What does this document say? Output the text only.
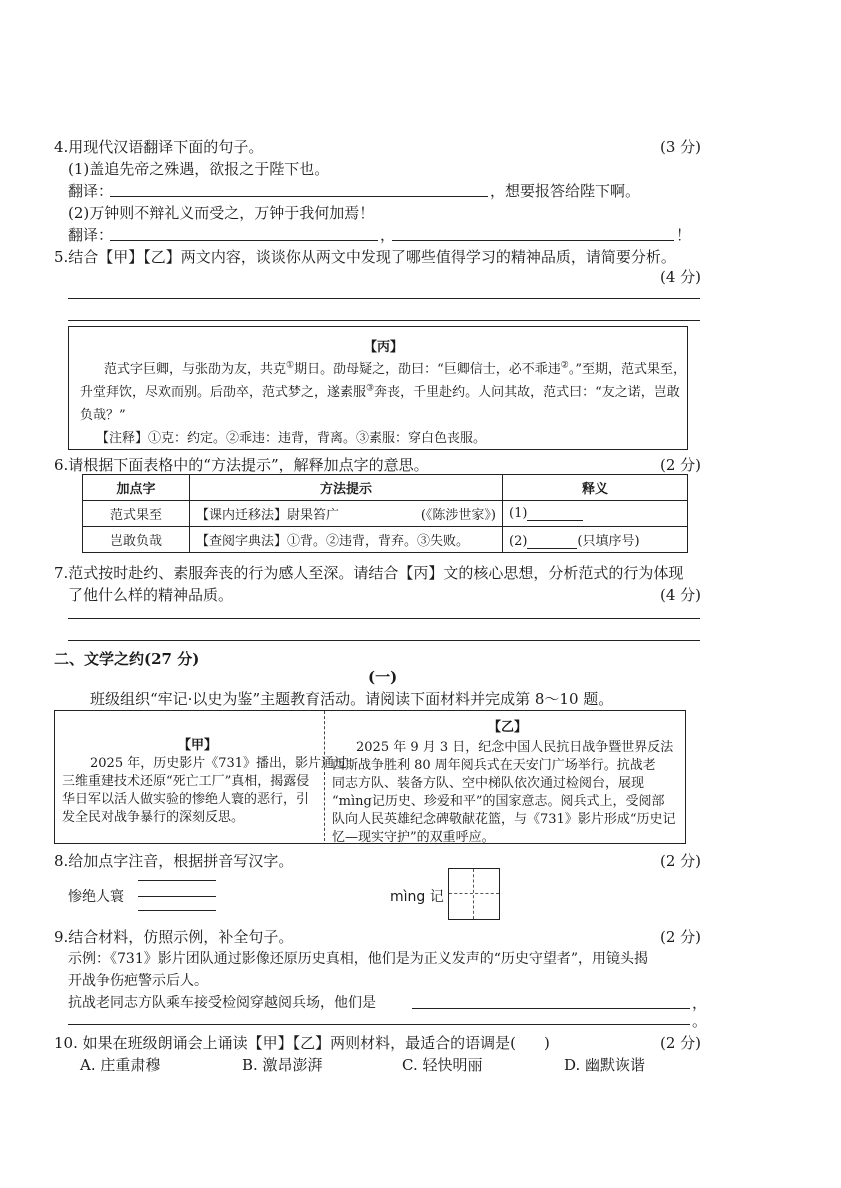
4.用现代汉语翻译下面的句子。	(3 分)
(1)盖追先帝之殊遇，欲报之于陛下也。
翻译：	，想要报答给陛下啊。
(2)万钟则不辩礼义而受之，万钟于我何加焉！
翻译：	，	！
5.结合【甲】【乙】两文内容，谈谈你从两文中发现了哪些值得学习的精神品质，请简要分析。
(4 分)
【丙】
范式字巨卿，与张劭为友，共克①期日。劭母疑之，劭曰：“巨卿信士，必不乖违②。”至期，范式果至，
升堂拜饮，尽欢而别。后劭卒，范式梦之，遂素服③奔丧，千里赴约。人问其故，范式曰：“友之诺，岂敢
负哉？”
【注释】①克：约定。②乖违：违背，背离。③素服：穿白色丧服。
6.请根据下面表格中的“方法提示”，解释加点字的意思。	(2 分)
加点字	方法提示	释义
范式果至	【课内迁移法】尉果笞广 (《陈涉世家》)	(1)
岂敢负哉	【查阅字典法】①背。②违背，背弃。③失败。	(2) (只填序号)
7.范式按时赴约、素服奔丧的行为感人至深。请结合【丙】文的核心思想，分析范式的行为体现
了他什么样的精神品质。	(4 分)
二、文学之约(27 分)
(一)
班级组织“牢记·以史为鉴”主题教育活动。请阅读下面材料并完成第 8～10 题。
【甲】
2025 年，历史影片《731》播出，影片通过
三维重建技术还原“死亡工厂”真相，揭露侵
华日军以活人做实验的惨绝人寰的恶行，引
发全民对战争暴行的深刻反思。
【乙】
2025 年 9 月 3 日，纪念中国人民抗日战争暨世界反法
西斯战争胜利 80 周年阅兵式在天安门广场举行。抗战老
同志方队、装备方队、空中梯队依次通过检阅台，展现
“mìng记历史、珍爱和平”的国家意志。阅兵式上，受阅部
队向人民英雄纪念碑敬献花篮，与《731》影片形成“历史记
忆—现实守护”的双重呼应。
8.给加点字注音，根据拼音写汉字。	(2 分)
惨绝人寰	mìng 记
9.结合材料，仿照示例，补全句子。	(2 分)
示例：《731》影片团队通过影像还原历史真相，他们是为正义发声的“历史守望者”，用镜头揭
开战争伤疤警示后人。
抗战老同志方队乘车接受检阅穿越阅兵场，他们是	，
。
10. 如果在班级朗诵会上诵读【甲】【乙】两则材料，最适合的语调是( )	(2 分)
A. 庄重肃穆	B. 激昂澎湃	C. 轻快明丽	D. 幽默诙谐
